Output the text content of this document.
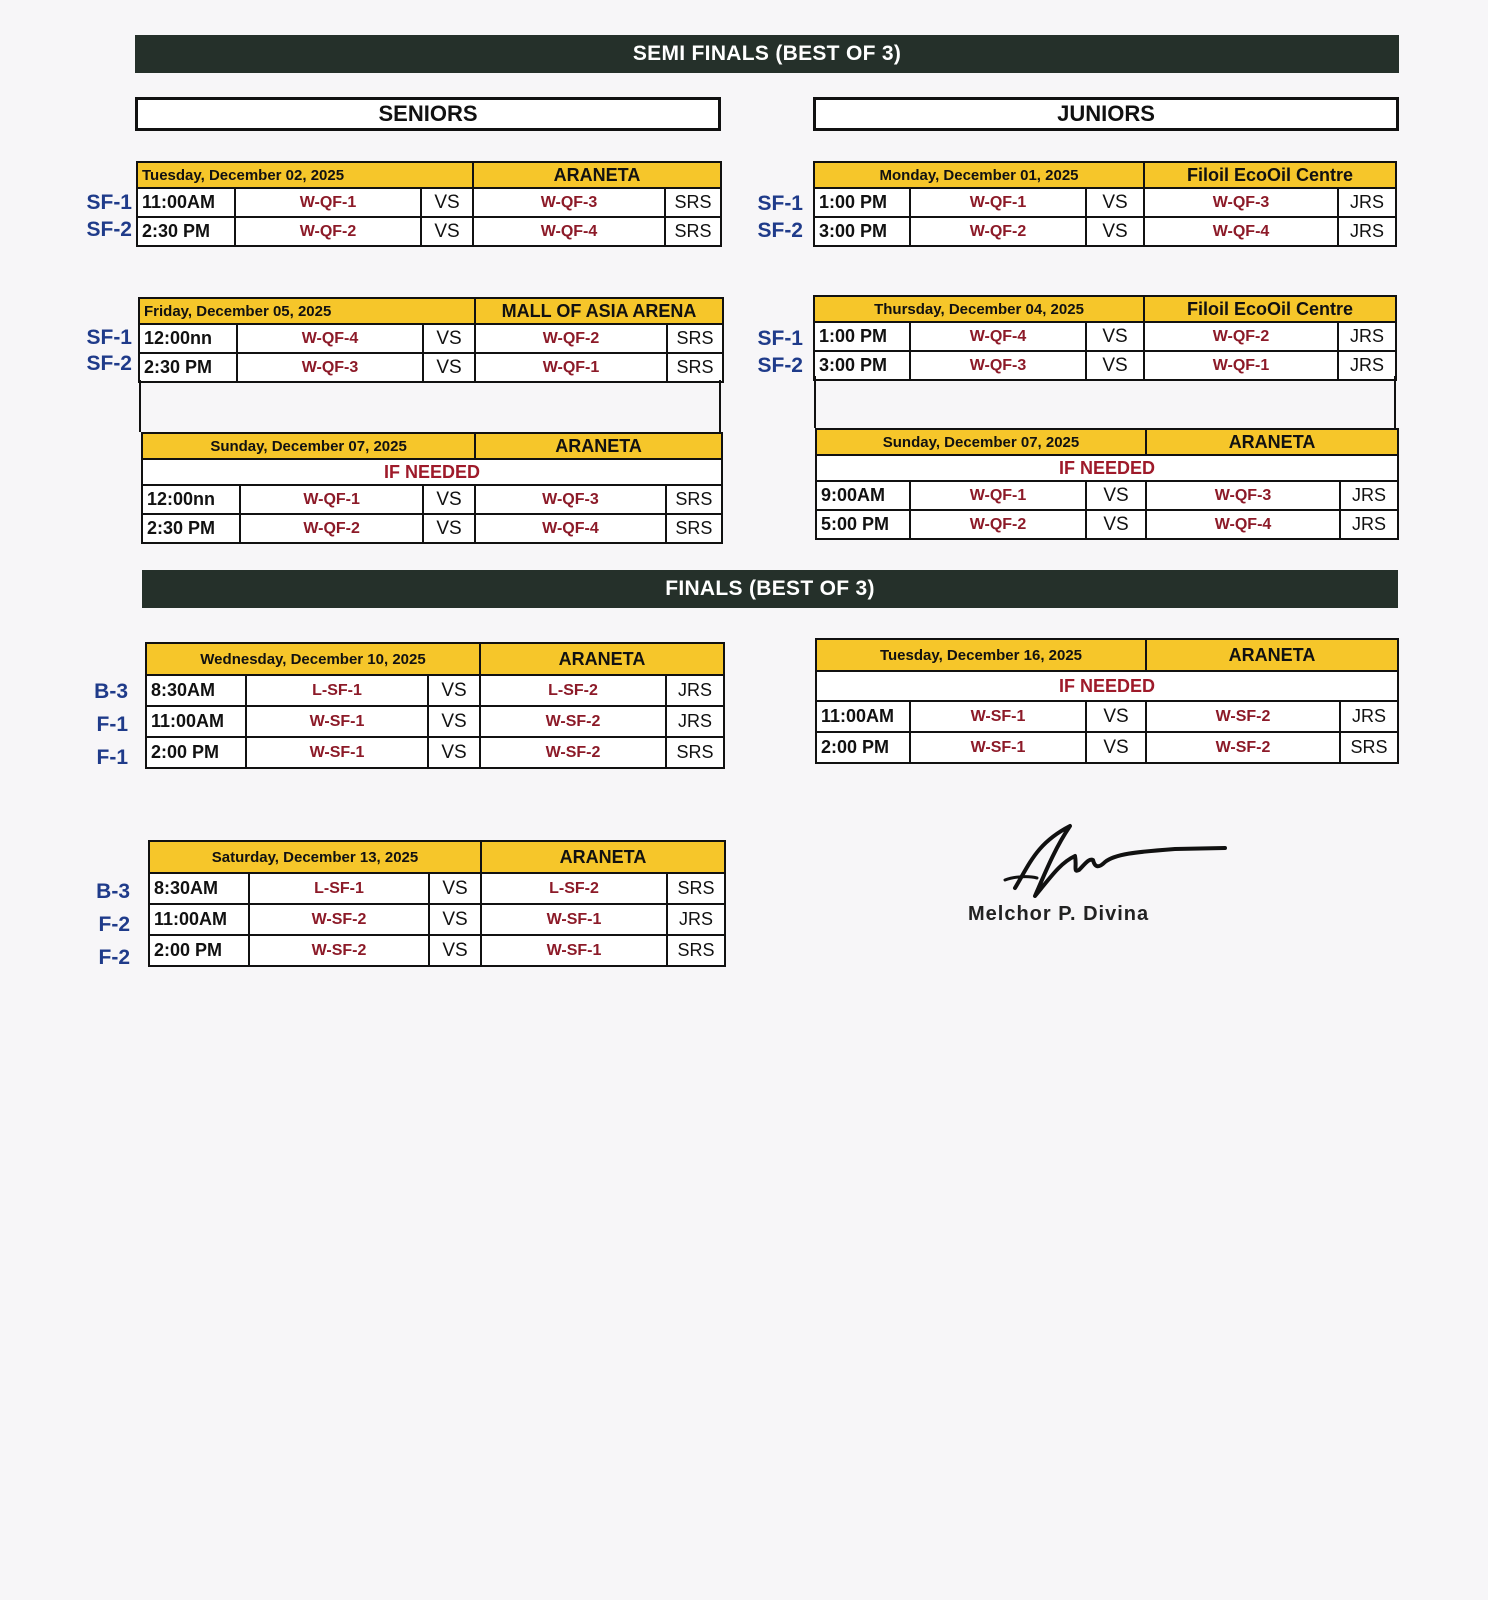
SEMI FINALS (BEST OF 3)
SENIORS	JUNIORS
SF-1
SF-2
Tuesday, December 02, 2025			ARANETA	
11:00AM	W-QF-1	VS	W-QF-3	SRS
2:30 PM	W-QF-2	VS	W-QF-4	SRS
SF-1
SF-2
Friday, December 05, 2025			MALL OF ASIA ARENA	
12:00nn	W-QF-4	VS	W-QF-2	SRS
2:30 PM	W-QF-3	VS	W-QF-1	SRS
Sunday, December 07, 2025			ARANETA	
IF NEEDED				
12:00nn	W-QF-1	VS	W-QF-3	SRS
2:30 PM	W-QF-2	VS	W-QF-4	SRS
SF-1
SF-2
Monday, December 01, 2025			Filoil EcoOil Centre	
1:00 PM	W-QF-1	VS	W-QF-3	JRS
3:00 PM	W-QF-2	VS	W-QF-4	JRS
SF-1
SF-2
Thursday, December 04, 2025			Filoil EcoOil Centre	
1:00 PM	W-QF-4	VS	W-QF-2	JRS
3:00 PM	W-QF-3	VS	W-QF-1	JRS
Sunday, December 07, 2025			ARANETA	
IF NEEDED				
9:00AM	W-QF-1	VS	W-QF-3	JRS
5:00 PM	W-QF-2	VS	W-QF-4	JRS
FINALS (BEST OF 3)
B-3
F-1
F-1
Wednesday, December 10, 2025			ARANETA	
8:30AM	L-SF-1	VS	L-SF-2	JRS
11:00AM	W-SF-1	VS	W-SF-2	JRS
2:00 PM	W-SF-1	VS	W-SF-2	SRS
B-3
F-2
F-2
Saturday, December 13, 2025			ARANETA	
8:30AM	L-SF-1	VS	L-SF-2	SRS
11:00AM	W-SF-2	VS	W-SF-1	JRS
2:00 PM	W-SF-2	VS	W-SF-1	SRS
Tuesday, December 16, 2025			ARANETA	
IF NEEDED				
11:00AM	W-SF-1	VS	W-SF-2	JRS
2:00 PM	W-SF-1	VS	W-SF-2	SRS
Melchor P. Divina
